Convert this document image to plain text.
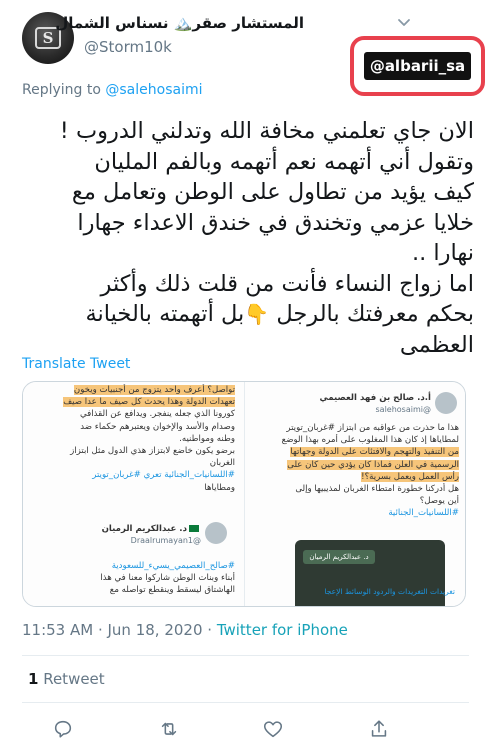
S
المستشار صقر🏔️ نسناس الشمال
@Storm10k
@albarii_sa
Replying to @salehosaimi
الان جاي تعلمني مخافة الله وتدلني الدروب !
وتقول أني أتهمه نعم أتهمه وبالفم المليان
كيف يؤيد من تطاول على الوطن وتعامل مع
خلايا عزمي وتخندق في خندق الاعداء جهارا
نهارا ..
اما زواج النساء فأنت من قلت ذلك وأكثر
بحكم معرفتك بالرجل 👇بل أتهمته بالخيانة
العظمى
Translate Tweet

تواصل؟ أعرف واحد يتزوج من أجنبيات ويخون

تعهدات الدولة وهذا يحدث كل صيف ما عدا صيف

كورونا الذي جعله ينفجر. ويدافع عن القذافي

وصدام والأسد والإخوان ويعتبرهم حكماء ضد

وطنه ومواطنيه.

برضو يكون خاضع لابتزاز هذي الدول مثل ابتزاز

الغربان

#اللسانيات_الجنائية تعري #غربان_تويتر

ومطاياها

د. عبدالكريم الرميان
@Draalrumayan1

#صالح_العصيمي_يسيء_للسعودية

أبناء وبنات الوطن شاركوا معنا في هذا

الهاشتاق ليسقط وينقطع تواصله مع

أ.د. صالح بن فهد العصيمي
@salehosaimi

هذا ما حذرت من عواقبه من ابتزاز #غربان_تويتر

لمطاياها إذ كان هذا المغلوب على أمره بهذا الوضع

من التنفيذ والتهجم والافتئات على الدولة وجهاتها

الرسمية في العلن فماذا كان يؤدي حين كان على

رأس العمل ويعمل بسرية؟!

هل أدركنا خطورة امتطاء الغربان لمذيبيها وإلى

أين يوصل؟

#اللسانيات_الجنائية

د. عبدالكريم الرميان
تغريدات التغريدات والردود الوسائط الإعجا
11:53 AM · Jun 18, 2020 · Twitter for iPhone
1 Retweet
